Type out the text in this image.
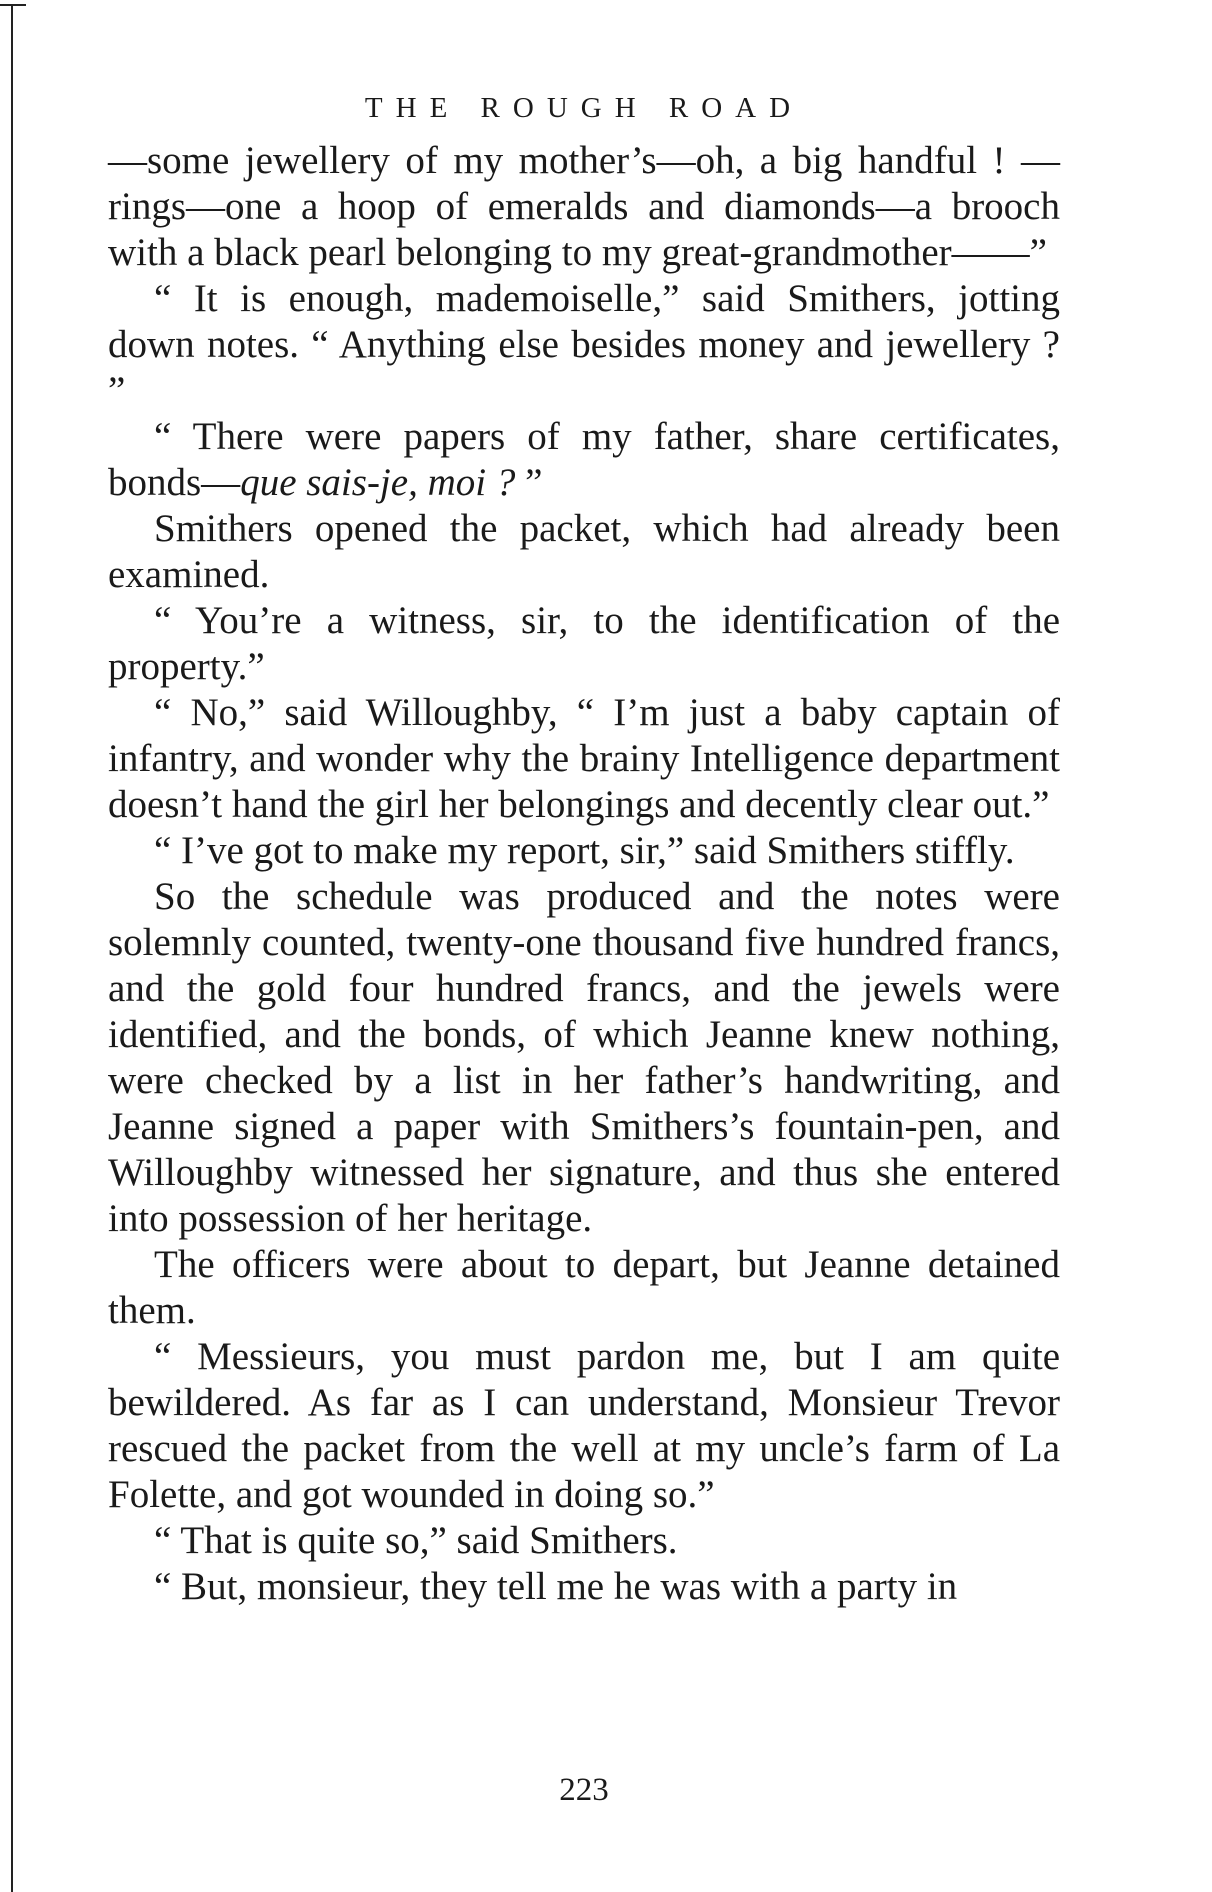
THE ROUGH ROAD

—some jewellery of my mother’s—oh, a big handful ! —rings—one a hoop of emeralds and diamonds—a brooch with a black pearl belonging to my great-grandmother——”

“ It is enough, mademoiselle,” said Smithers, jotting down notes. “ Anything else besides money and jewellery ? ”

“ There were papers of my father, share certificates, bonds—que sais-je, moi ? ”

Smithers opened the packet, which had already been examined.

“ You’re a witness, sir, to the identification of the property.”

“ No,” said Willoughby, “ I’m just a baby captain of infantry, and wonder why the brainy Intelligence department doesn’t hand the girl her belongings and decently clear out.”

“ I’ve got to make my report, sir,” said Smithers stiffly.

So the schedule was produced and the notes were solemnly counted, twenty-one thousand five hundred francs, and the gold four hundred francs, and the jewels were identified, and the bonds, of which Jeanne knew nothing, were checked by a list in her father’s handwriting, and Jeanne signed a paper with Smithers’s fountain-pen, and Willoughby witnessed her signature, and thus she entered into possession of her heritage.

The officers were about to depart, but Jeanne detained them.

“ Messieurs, you must pardon me, but I am quite bewildered. As far as I can understand, Monsieur Trevor rescued the packet from the well at my uncle’s farm of La Folette, and got wounded in doing so.”

“ That is quite so,” said Smithers.

“ But, monsieur, they tell me he was with a party in

223
